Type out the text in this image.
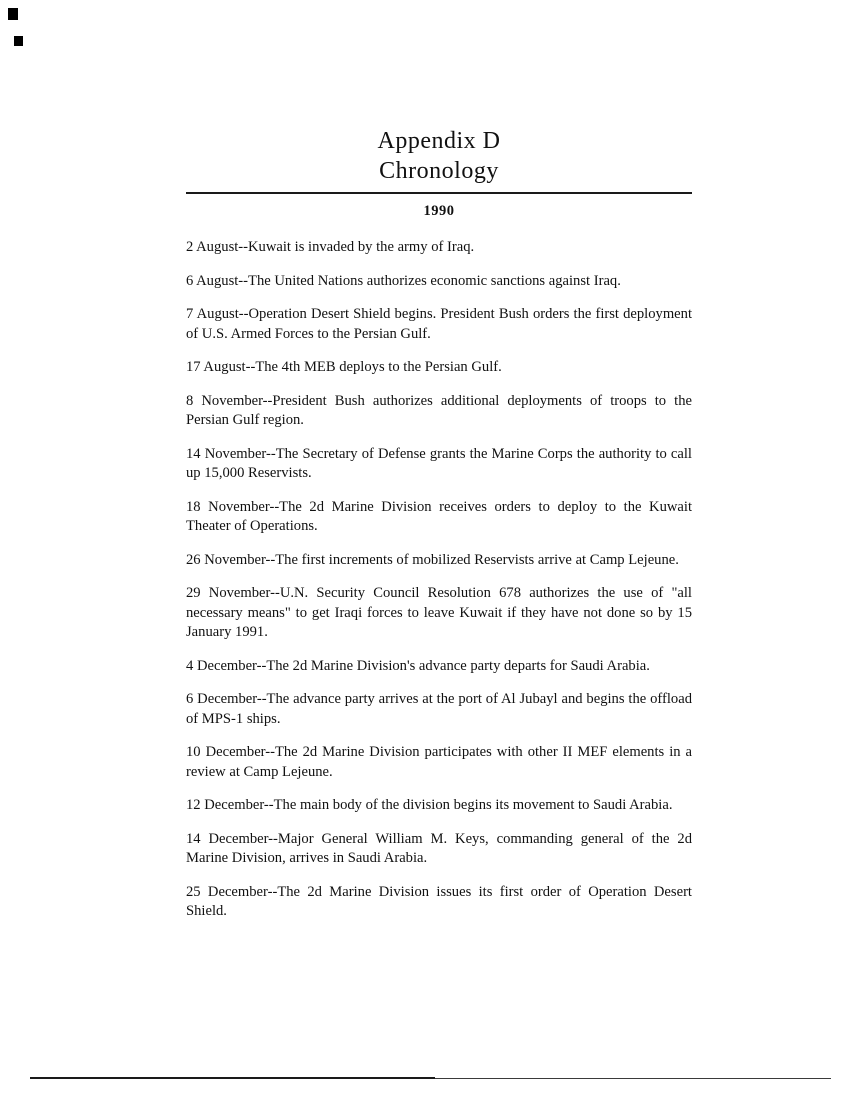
Appendix D
Chronology
1990

2 August--Kuwait is invaded by the army of Iraq.

6 August--The United Nations authorizes economic sanctions against Iraq.

7 August--Operation Desert Shield begins. President Bush orders the first deployment of U.S. Armed Forces to the Persian Gulf.

17 August--The 4th MEB deploys to the Persian Gulf.

8 November--President Bush authorizes additional deployments of troops to the Persian Gulf region.

14 November--The Secretary of Defense grants the Marine Corps the authority to call up 15,000 Reservists.

18 November--The 2d Marine Division receives orders to deploy to the Kuwait Theater of Operations.

26 November--The first increments of mobilized Reservists arrive at Camp Lejeune.

29 November--U.N. Security Council Resolution 678 authorizes the use of "all necessary means" to get Iraqi forces to leave Kuwait if they have not done so by 15 January 1991.

4 December--The 2d Marine Division's advance party departs for Saudi Arabia.

6 December--The advance party arrives at the port of Al Jubayl and begins the offload of MPS-1 ships.

10 December--The 2d Marine Division participates with other II MEF elements in a review at Camp Lejeune.

12 December--The main body of the division begins its movement to Saudi Arabia.

14 December--Major General William M. Keys, commanding general of the 2d Marine Division, arrives in Saudi Arabia.

25 December--The 2d Marine Division issues its first order of Operation Desert Shield.
